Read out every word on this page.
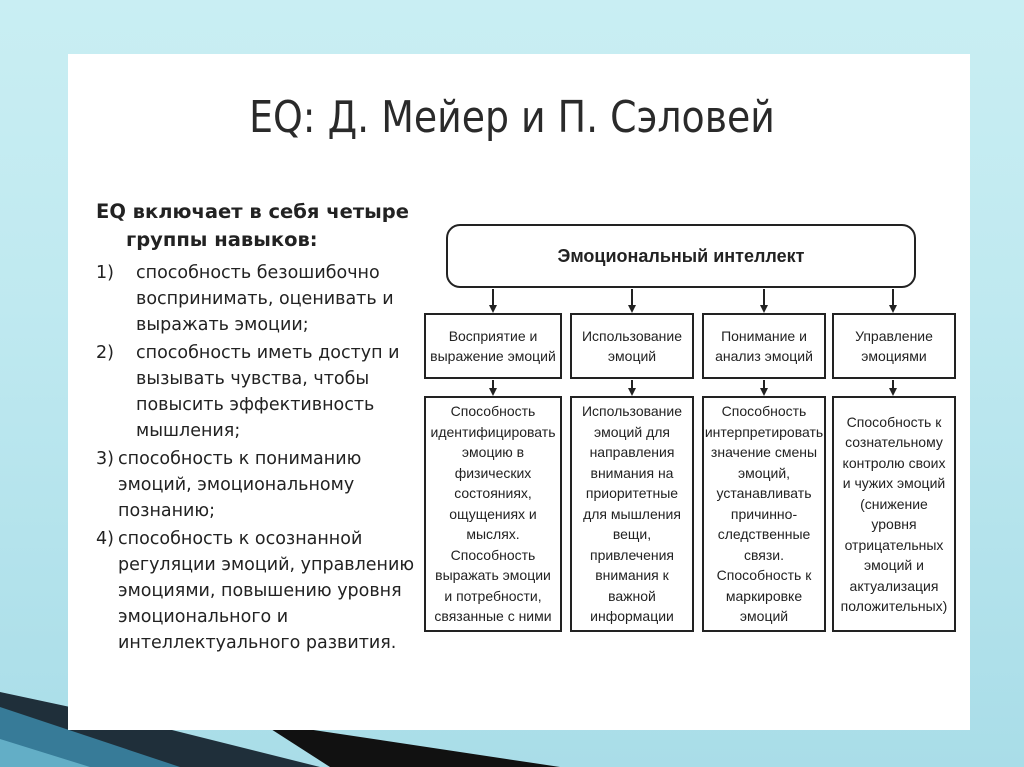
EQ: Д. Мейер и П. Сэловей
EQ включает в себя четыре
группы навыков:
1)	способность безошибочно воспринимать, оценивать и выражать эмоции;
2)	способность иметь доступ и вызывать чувства, чтобы повысить эффективность мышления;
3) способность к пониманию эмоций, эмоциональному познанию;
4) способность к осознанной регуляции эмоций, управлению эмоциями, повышению уровня эмоционального и интеллектуального развития.
Эмоциональный интеллект
Восприятие и выражение эмоций
Использование эмоций
Понимание и анализ эмоций
Управление эмоциями
Способность идентифицировать эмоцию в физических состояниях, ощущениях и мыслях. Способность выражать эмоции и потребности, связанные с ними
Использование эмоций для направления внимания на приоритетные для мышления вещи, привлечения внимания к важной информации
Способность интерпретировать значение смены эмоций, устанавливать причинно-следственные связи. Способность к маркировке эмоций
Способность к сознательному контролю своих и чужих эмоций (снижение уровня отрицательных эмоций и актуализация положительных)
